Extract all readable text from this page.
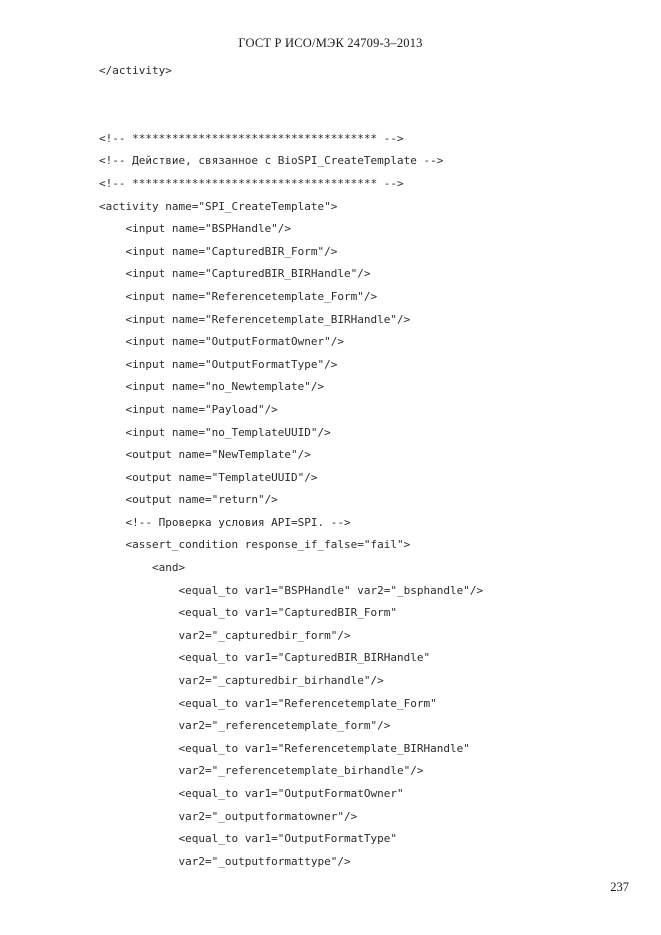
ГОСТ Р ИСО/МЭК 24709-3–2013
</activity>

<!-- ************************************* -->
<!-- Действие, связанное с BioSPI_CreateTemplate -->
<!-- ************************************* -->
<activity name="SPI_CreateTemplate">
<input name="BSPHandle"/>
<input name="CapturedBIR_Form"/>
<input name="CapturedBIR_BIRHandle"/>
<input name="Referencetemplate_Form"/>
<input name="Referencetemplate_BIRHandle"/>
<input name="OutputFormatOwner"/>
<input name="OutputFormatType"/>
<input name="no_Newtemplate"/>
<input name="Payload"/>
<input name="no_TemplateUUID"/>
<output name="NewTemplate"/>
<output name="TemplateUUID"/>
<output name="return"/>
<!-- Проверка условия API=SPI. -->
<assert_condition response_if_false="fail">
<and>
<equal_to var1="BSPHandle" var2="_bsphandle"/>
<equal_to var1="CapturedBIR_Form"
var2="_capturedbir_form"/>
<equal_to var1="CapturedBIR_BIRHandle"
var2="_capturedbir_birhandle"/>
<equal_to var1="Referencetemplate_Form"
var2="_referencetemplate_form"/>
<equal_to var1="Referencetemplate_BIRHandle"
var2="_referencetemplate_birhandle"/>
<equal_to var1="OutputFormatOwner"
var2="_outputformatowner"/>
<equal_to var1="OutputFormatType"
var2="_outputformattype"/>
237
